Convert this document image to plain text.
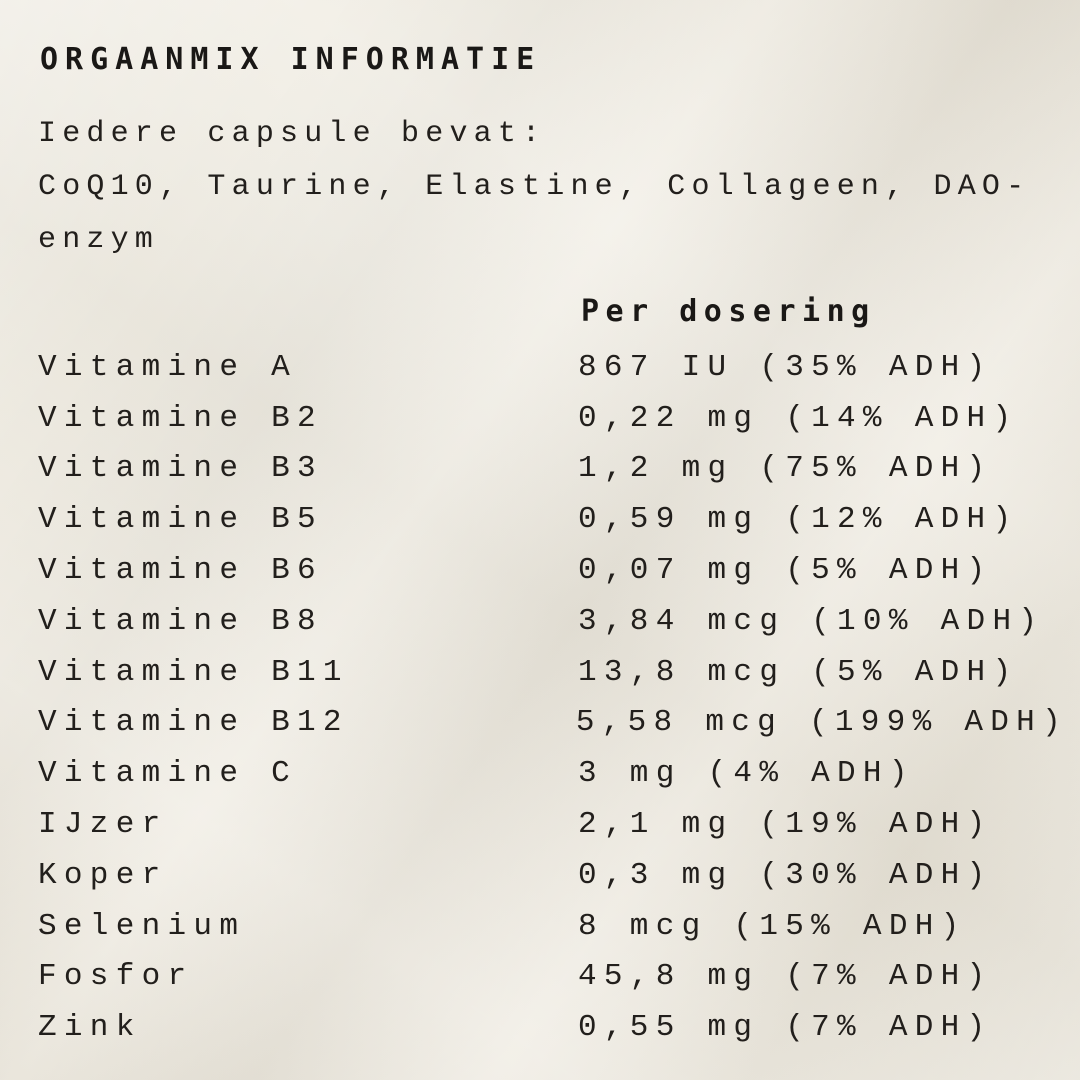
ORGAANMIX INFORMATIE
Iedere capsule bevat:
CoQ10, Taurine, Elastine, Collageen, DAO-
enzym
Per dosering
Vitamine A	867 IU (35% ADH)
Vitamine B2	0,22 mg (14% ADH)
Vitamine B3	1,2 mg (75% ADH)
Vitamine B5	0,59 mg (12% ADH)
Vitamine B6	0,07 mg (5% ADH)
Vitamine B8	3,84 mcg (10% ADH)
Vitamine B11	13,8 mcg (5% ADH)
Vitamine B12	5,58 mcg (199% ADH)
Vitamine C	3 mg (4% ADH)
IJzer	2,1 mg (19% ADH)
Koper	0,3 mg (30% ADH)
Selenium	8 mcg (15% ADH)
Fosfor	45,8 mg (7% ADH)
Zink	0,55 mg (7% ADH)
